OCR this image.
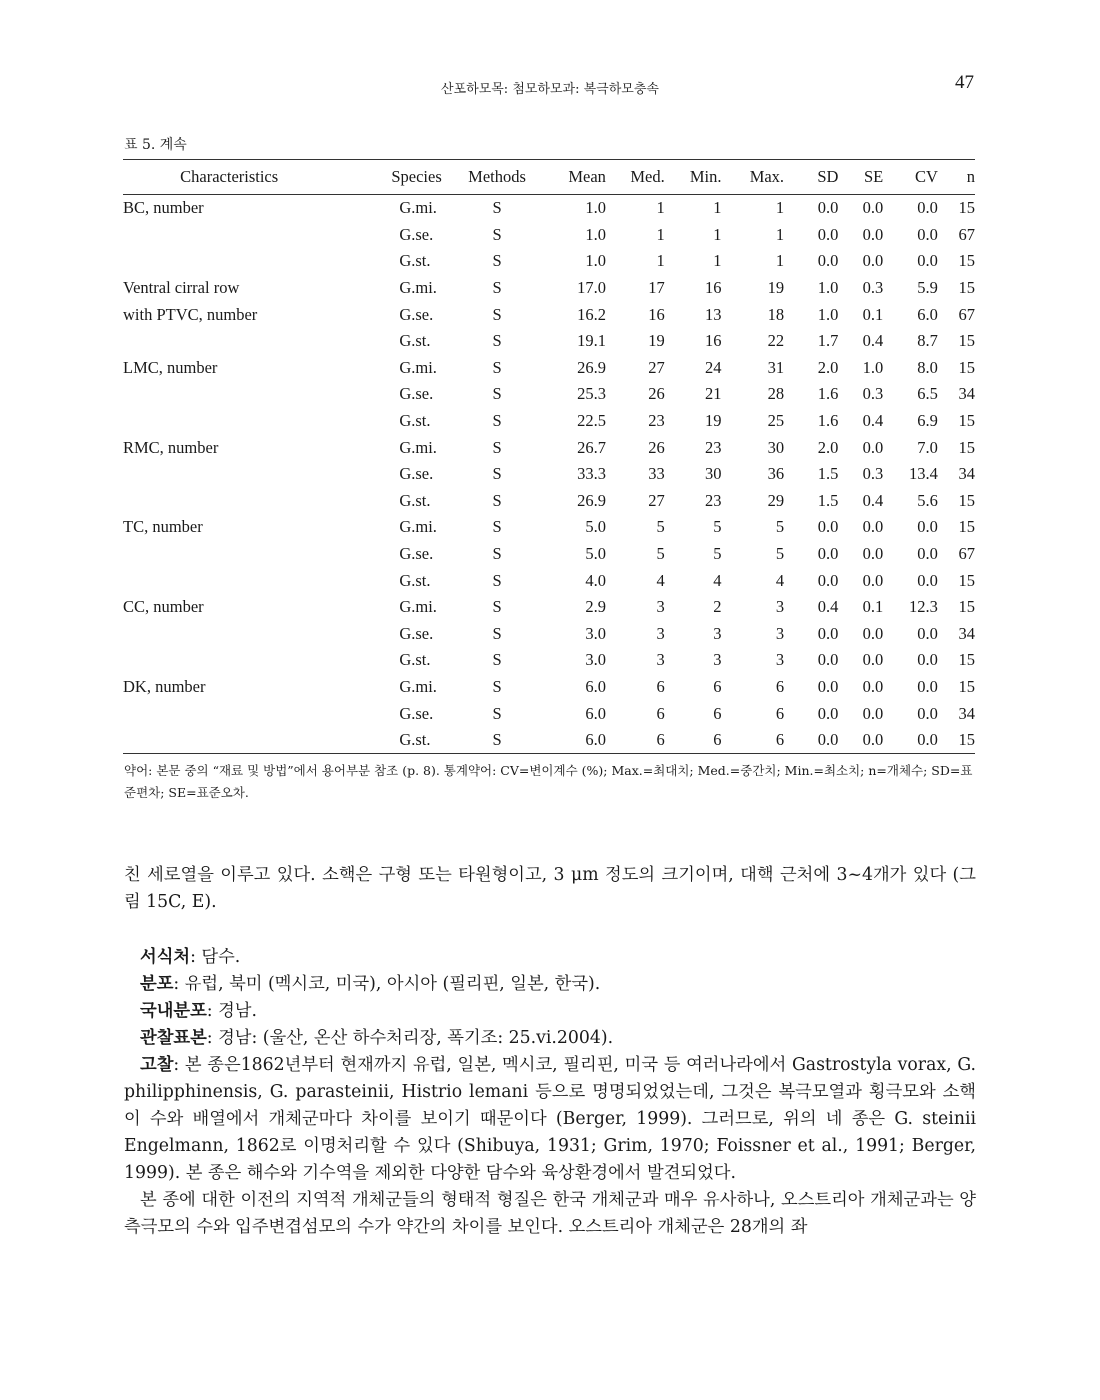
산포하모목: 첨모하모과: 복극하모충속	47
표 5. 계속
Characteristics	Species	Methods	Mean	Med.	Min.	Max.	SD	SE	CV	n
BC, number	G.mi.	S	1.0	1	1	1	0.0	0.0	0.0	15
	G.se.	S	1.0	1	1	1	0.0	0.0	0.0	67
	G.st.	S	1.0	1	1	1	0.0	0.0	0.0	15
Ventral cirral row	G.mi.	S	17.0	17	16	19	1.0	0.3	5.9	15
with PTVC, number	G.se.	S	16.2	16	13	18	1.0	0.1	6.0	67
	G.st.	S	19.1	19	16	22	1.7	0.4	8.7	15
LMC, number	G.mi.	S	26.9	27	24	31	2.0	1.0	8.0	15
	G.se.	S	25.3	26	21	28	1.6	0.3	6.5	34
	G.st.	S	22.5	23	19	25	1.6	0.4	6.9	15
RMC, number	G.mi.	S	26.7	26	23	30	2.0	0.0	7.0	15
	G.se.	S	33.3	33	30	36	1.5	0.3	13.4	34
	G.st.	S	26.9	27	23	29	1.5	0.4	5.6	15
TC, number	G.mi.	S	5.0	5	5	5	0.0	0.0	0.0	15
	G.se.	S	5.0	5	5	5	0.0	0.0	0.0	67
	G.st.	S	4.0	4	4	4	0.0	0.0	0.0	15
CC, number	G.mi.	S	2.9	3	2	3	0.4	0.1	12.3	15
	G.se.	S	3.0	3	3	3	0.0	0.0	0.0	34
	G.st.	S	3.0	3	3	3	0.0	0.0	0.0	15
DK, number	G.mi.	S	6.0	6	6	6	0.0	0.0	0.0	15
	G.se.	S	6.0	6	6	6	0.0	0.0	0.0	34
	G.st.	S	6.0	6	6	6	0.0	0.0	0.0	15
약어: 본문 중의 “재료 및 방법”에서 용어부분 참조 (p. 8). 통계약어: CV=변이계수 (%); Max.=최대치; Med.=중간치; Min.=최소치; n=개체수; SD=표준편차; SE=표준오차.

친 세로열을 이루고 있다. 소핵은 구형 또는 타원형이고, 3 μm 정도의 크기이며, 대핵 근처에 3~4개가 있다 (그림 15C, E).

서식처: 담수.

분포: 유럽, 북미 (멕시코, 미국), 아시아 (필리핀, 일본, 한국).

국내분포: 경남.

관찰표본: 경남: (울산, 온산 하수처리장, 폭기조: 25.vi.2004).

고찰: 본 종은1862년부터 현재까지 유럽, 일본, 멕시코, 필리핀, 미국 등 여러나라에서 Gastrostyla vorax, G. philipphinensis, G. parasteinii, Histrio lemani 등으로 명명되었었는데, 그것은 복극모열과 횡극모와 소핵이 수와 배열에서 개체군마다 차이를 보이기 때문이다 (Berger, 1999). 그러므로, 위의 네 종은 G. steinii Engelmann, 1862로 이명처리할 수 있다 (Shibuya, 1931; Grim, 1970; Foissner et al., 1991; Berger, 1999). 본 종은 해수와 기수역을 제외한 다양한 담수와 육상환경에서 발견되었다.

본 종에 대한 이전의 지역적 개체군들의 형태적 형질은 한국 개체군과 매우 유사하나, 오스트리아 개체군과는 양측극모의 수와 입주변겹섬모의 수가 약간의 차이를 보인다. 오스트리아 개체군은 28개의 좌
